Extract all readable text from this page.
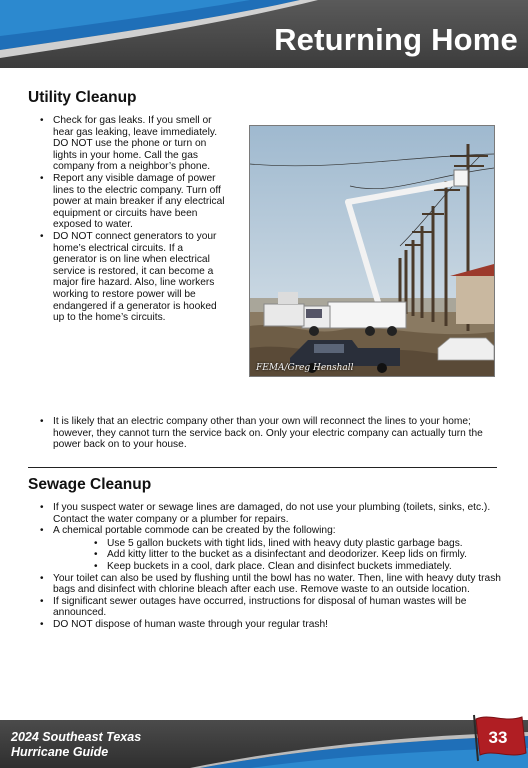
Returning Home
Utility Cleanup
• Check for gas leaks. If you smell or hear gas leaking, leave immediately. DO NOT use the phone or turn on lights in your home. Call the gas company from a neighbor’s phone.
• Report any visible damage of power lines to the electric company. Turn off power at main breaker if any electrical equipment or circuits have been exposed to water.
• DO NOT connect generators to your home’s electrical circuits. If a generator is on line when electrical service is restored, it can become a major fire hazard. Also, line workers working to restore power will be endangered if a generator is hooked up to the home’s circuits.
• It is likely that an electric company other than your own will reconnect the lines to your home; however, they cannot turn the service back on. Only your electric company can actually turn the power back on to your house.
FEMA/Greg Henshall
Sewage Cleanup
• If you suspect water or sewage lines are damaged, do not use your plumbing (toilets, sinks, etc.). Contact the water company or a plumber for repairs.
• A chemical portable commode can be created by the following:
• Use 5 gallon buckets with tight lids, lined with heavy duty plastic garbage bags.
• Add kitty litter to the bucket as a disinfectant and deodorizer. Keep lids on firmly.
• Keep buckets in a cool, dark place. Clean and disinfect buckets immediately.
• Your toilet can also be used by flushing until the bowl has no water. Then, line with heavy duty trash bags and disinfect with chlorine bleach after each use. Remove waste to an outside location.
• If significant sewer outages have occurred, instructions for disposal of human wastes will be announced.
• DO NOT dispose of human waste through your regular trash!
2024 Southeast Texas
Hurricane Guide
33
